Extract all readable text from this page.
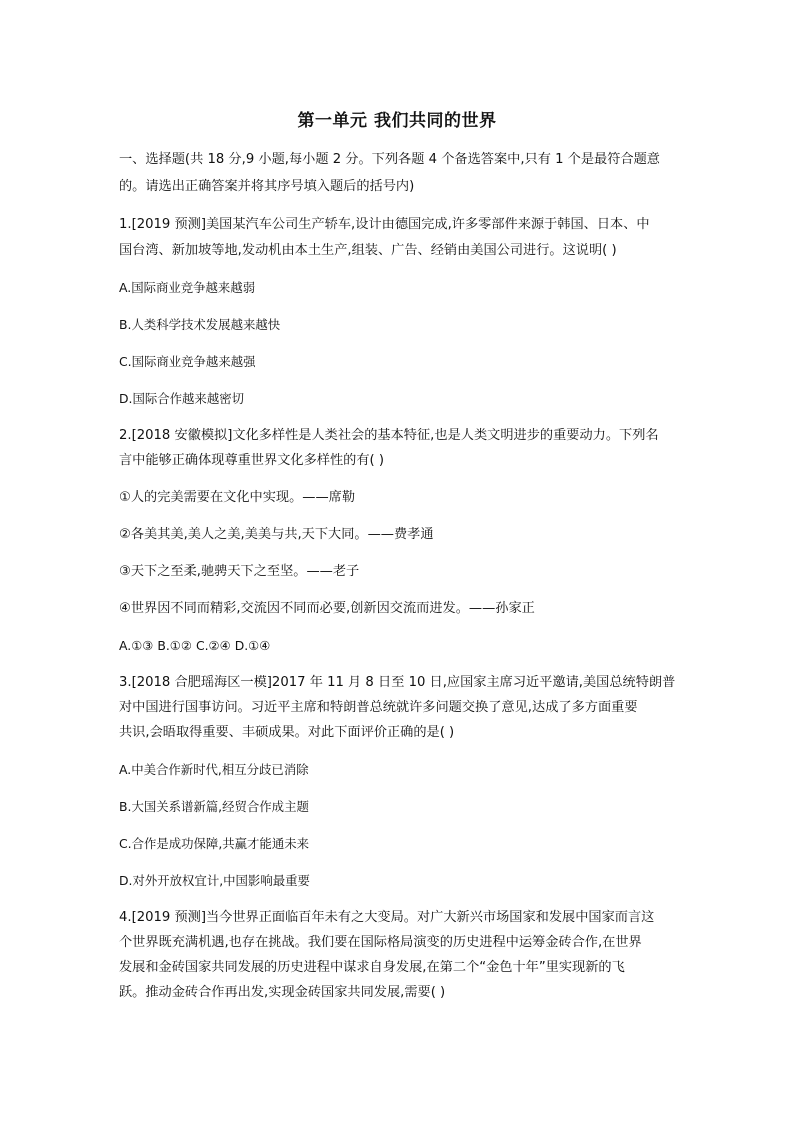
第一单元 我们共同的世界
一、选择题(共 18 分,9 小题,每小题 2 分。下列各题 4 个备选答案中,只有 1 个是最符合题意
的。请选出正确答案并将其序号填入题后的括号内)
1.[2019 预测]美国某汽车公司生产轿车,设计由德国完成,许多零部件来源于韩国、日本、中
国台湾、新加坡等地,发动机由本土生产,组装、广告、经销由美国公司进行。这说明( )
A.国际商业竞争越来越弱
B.人类科学技术发展越来越快
C.国际商业竞争越来越强
D.国际合作越来越密切
2.[2018 安徽模拟]文化多样性是人类社会的基本特征,也是人类文明进步的重要动力。下列名
言中能够正确体现尊重世界文化多样性的有( )
①人的完美需要在文化中实现。——席勒
②各美其美,美人之美,美美与共,天下大同。——费孝通
③天下之至柔,驰骋天下之至坚。——老子
④世界因不同而精彩,交流因不同而必要,创新因交流而进发。——孙家正
A.①③ B.①② C.②④ D.①④
3.[2018 合肥瑶海区一模]2017 年 11 月 8 日至 10 日,应国家主席习近平邀请,美国总统特朗普
对中国进行国事访问。习近平主席和特朗普总统就许多问题交换了意见,达成了多方面重要
共识,会晤取得重要、丰硕成果。对此下面评价正确的是( )
A.中美合作新时代,相互分歧已消除
B.大国关系谱新篇,经贸合作成主题
C.合作是成功保障,共赢才能通未来
D.对外开放权宜计,中国影响最重要
4.[2019 预测]当今世界正面临百年未有之大变局。对广大新兴市场国家和发展中国家而言这
个世界既充满机遇,也存在挑战。我们要在国际格局演变的历史进程中运筹金砖合作,在世界
发展和金砖国家共同发展的历史进程中谋求自身发展,在第二个“金色十年”里实现新的飞
跃。推动金砖合作再出发,实现金砖国家共同发展,需要( )
